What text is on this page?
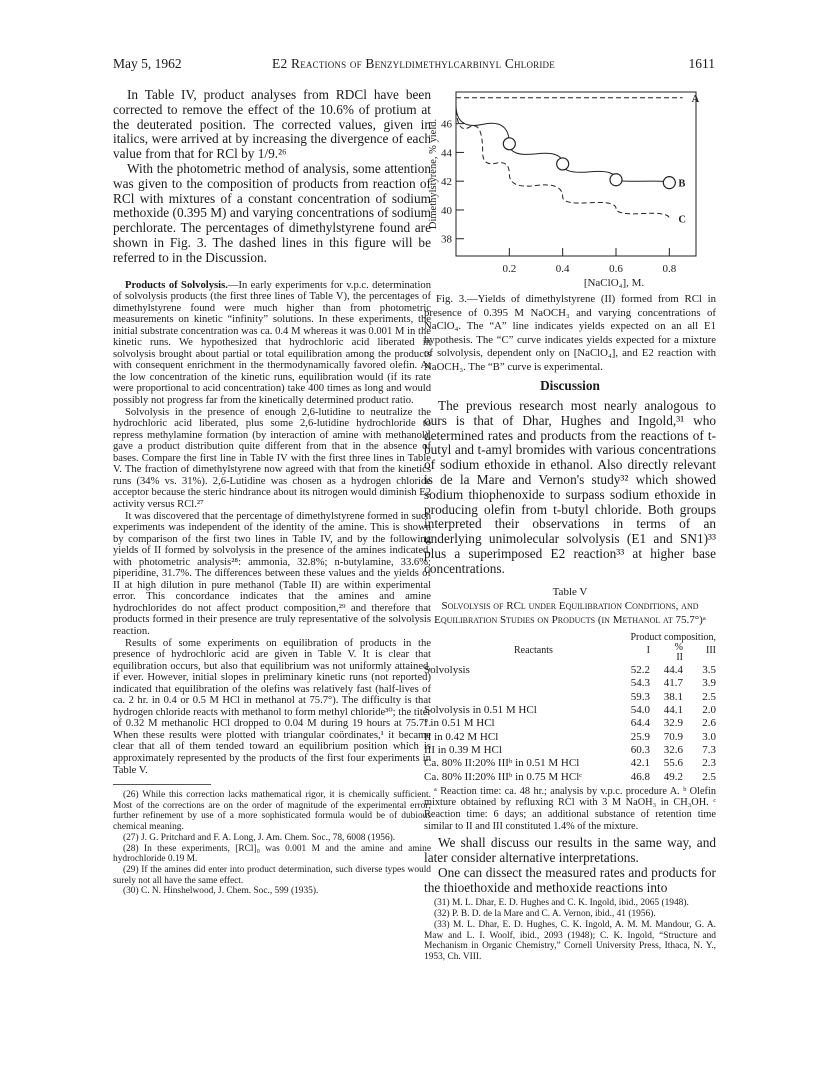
May 5, 1962	E2 Reactions of Benzyldimethylcarbinyl Chloride	1611

In Table IV, product analyses from RDCl have been corrected to remove the effect of the 10.6% of protium at the deuterated position. The corrected values, given in italics, were arrived at by increasing the divergence of each value from that for RCl by 1/9.²⁶

With the photometric method of analysis, some attention was given to the composition of products from reaction of RCl with mixtures of a constant concentration of sodium methoxide (0.395 M) and varying concentrations of sodium perchlorate. The percentages of dimethylstyrene found are shown in Fig. 3. The dashed lines in this figure will be referred to in the Discussion.

Products of Solvolysis.—In early experiments for v.p.c. determination of solvolysis products (the first three lines of Table V), the percentages of dimethylstyrene found were much higher than from photometric measurements on kinetic “infinity” solutions. In these experiments, the initial substrate concentration was ca. 0.4 M whereas it was 0.001 M in the kinetic runs. We hypothesized that hydrochloric acid liberated in solvolysis brought about partial or total equilibration among the products with consequent enrichment in the thermodynamically favored olefin. At the low concentration of the kinetic runs, equilibration would (if its rate were proportional to acid concentration) take 400 times as long and would possibly not progress far from the kinetically determined product ratio.

Solvolysis in the presence of enough 2,6-lutidine to neutralize the hydrochloric acid liberated, plus some 2,6-lutidine hydrochloride to repress methylamine formation (by interaction of amine with methanol), gave a product distribution quite different from that in the absence of bases. Compare the first line in Table IV with the first three lines in Table V. The fraction of dimethylstyrene now agreed with that from the kinetics runs (34% vs. 31%). 2,6-Lutidine was chosen as a hydrogen chloride acceptor because the steric hindrance about its nitrogen would diminish E2 activity versus RCl.²⁷

It was discovered that the percentage of dimethylstyrene formed in such experiments was independent of the identity of the amine. This is shown by comparison of the first two lines in Table IV, and by the following yields of II formed by solvolysis in the presence of the amines indicated, with photometric analysis²⁸: ammonia, 32.8%; n-butylamine, 33.6%; piperidine, 31.7%. The differences between these values and the yields of II at high dilution in pure methanol (Table II) are within experimental error. This concordance indicates that the amines and amine hydrochlorides do not affect product composition,²⁹ and therefore that products formed in their presence are truly representative of the solvolysis reaction.

Results of some experiments on equilibration of products in the presence of hydrochloric acid are given in Table V. It is clear that equilibration occurs, but also that equilibrium was not uniformly attained, if ever. However, initial slopes in preliminary kinetic runs (not reported) indicated that equilibration of the olefins was relatively fast (half-lives of ca. 2 hr. in 0.4 or 0.5 M HCl in methanol at 75.7°). The difficulty is that hydrogen chloride reacts with methanol to form methyl chloride³⁰; the titer of 0.32 M methanolic HCl dropped to 0.04 M during 19 hours at 75.7°. When these results were plotted with triangular coördinates,¹ it became clear that all of them tended toward an equilibrium position which is approximately represented by the products of the first four experiments in Table V.

(26) While this correction lacks mathematical rigor, it is chemically sufficient. Most of the corrections are on the order of magnitude of the experimental error; further refinement by use of a more sophisticated formula would be of dubious chemical meaning.

(27) J. G. Pritchard and F. A. Long, J. Am. Chem. Soc., 78, 6008 (1956).

(28) In these experiments, [RCl]₀ was 0.001 M and the amine and amine hydrochloride 0.19 M.

(29) If the amines did enter into product determination, such diverse types would surely not all have the same effect.

(30) C. N. Hinshelwood, J. Chem. Soc., 599 (1935).

38
40
42
44
46
0.2	0.4	0.6	0.8
[NaClO₄], M.
Dimethylstyrene, % yield.
A
B
C

Fig. 3.—Yields of dimethylstyrene (II) formed from RCl in presence of 0.395 M NaOCH₃ and varying concentrations of NaClO₄. The “A” line indicates yields expected on an all E1 hypothesis. The “C” curve indicates yields expected for a mixture of solvolysis, dependent only on [NaClO₄], and E2 reaction with NaOCH₃. The “B” curve is experimental.

Discussion

The previous research most nearly analogous to ours is that of Dhar, Hughes and Ingold,³¹ who determined rates and products from the reactions of t-butyl and t-amyl bromides with various concentrations of sodium ethoxide in ethanol. Also directly relevant is de la Mare and Vernon's study³² which showed sodium thiophenoxide to surpass sodium ethoxide in producing olefin from t-butyl chloride. Both groups interpreted their observations in terms of an underlying unimolecular solvolysis (E1 and SN1)³³ plus a superimposed E2 reaction³³ at higher base concentrations.

Table V
Solvolysis of RCl under Equilibration Conditions, and Equilibration Studies on Products (in Methanol at 75.7°)ᵃ
	Product composition,		
Reactants	I	%
II	III
Solvolysis	52.2	44.4	3.5
	54.3	41.7	3.9
	59.3	38.1	2.5
Solvolysis in 0.51 M HCl	54.0	44.1	2.0
I in 0.51 M HCl	64.4	32.9	2.6
II in 0.42 M HCl	25.9	70.9	3.0
III in 0.39 M HCl	60.3	32.6	7.3
Ca. 80% II:20% IIIᵇ in 0.51 M HCl	42.1	55.6	2.3
Ca. 80% II:20% IIIᵇ in 0.75 M HClᶜ	46.8	49.2	2.5

ᵃ Reaction time: ca. 48 hr.; analysis by v.p.c. procedure A. ᵇ Olefin mixture obtained by refluxing RCl with 3 M NaOH₃ in CH₃OH. ᶜ Reaction time: 6 days; an additional substance of retention time similar to II and III constituted 1.4% of the mixture.

We shall discuss our results in the same way, and later consider alternative interpretations.

One can dissect the measured rates and products for the thioethoxide and methoxide reactions into

(31) M. L. Dhar, E. D. Hughes and C. K. Ingold, ibid., 2065 (1948).

(32) P. B. D. de la Mare and C. A. Vernon, ibid., 41 (1956).

(33) M. L. Dhar, E. D. Hughes, C. K. Ingold, A. M. M. Mandour, G. A. Maw and L. I. Woolf, ibid., 2093 (1948); C. K. Ingold, “Structure and Mechanism in Organic Chemistry,” Cornell University Press, Ithaca, N. Y., 1953, Ch. VIII.
